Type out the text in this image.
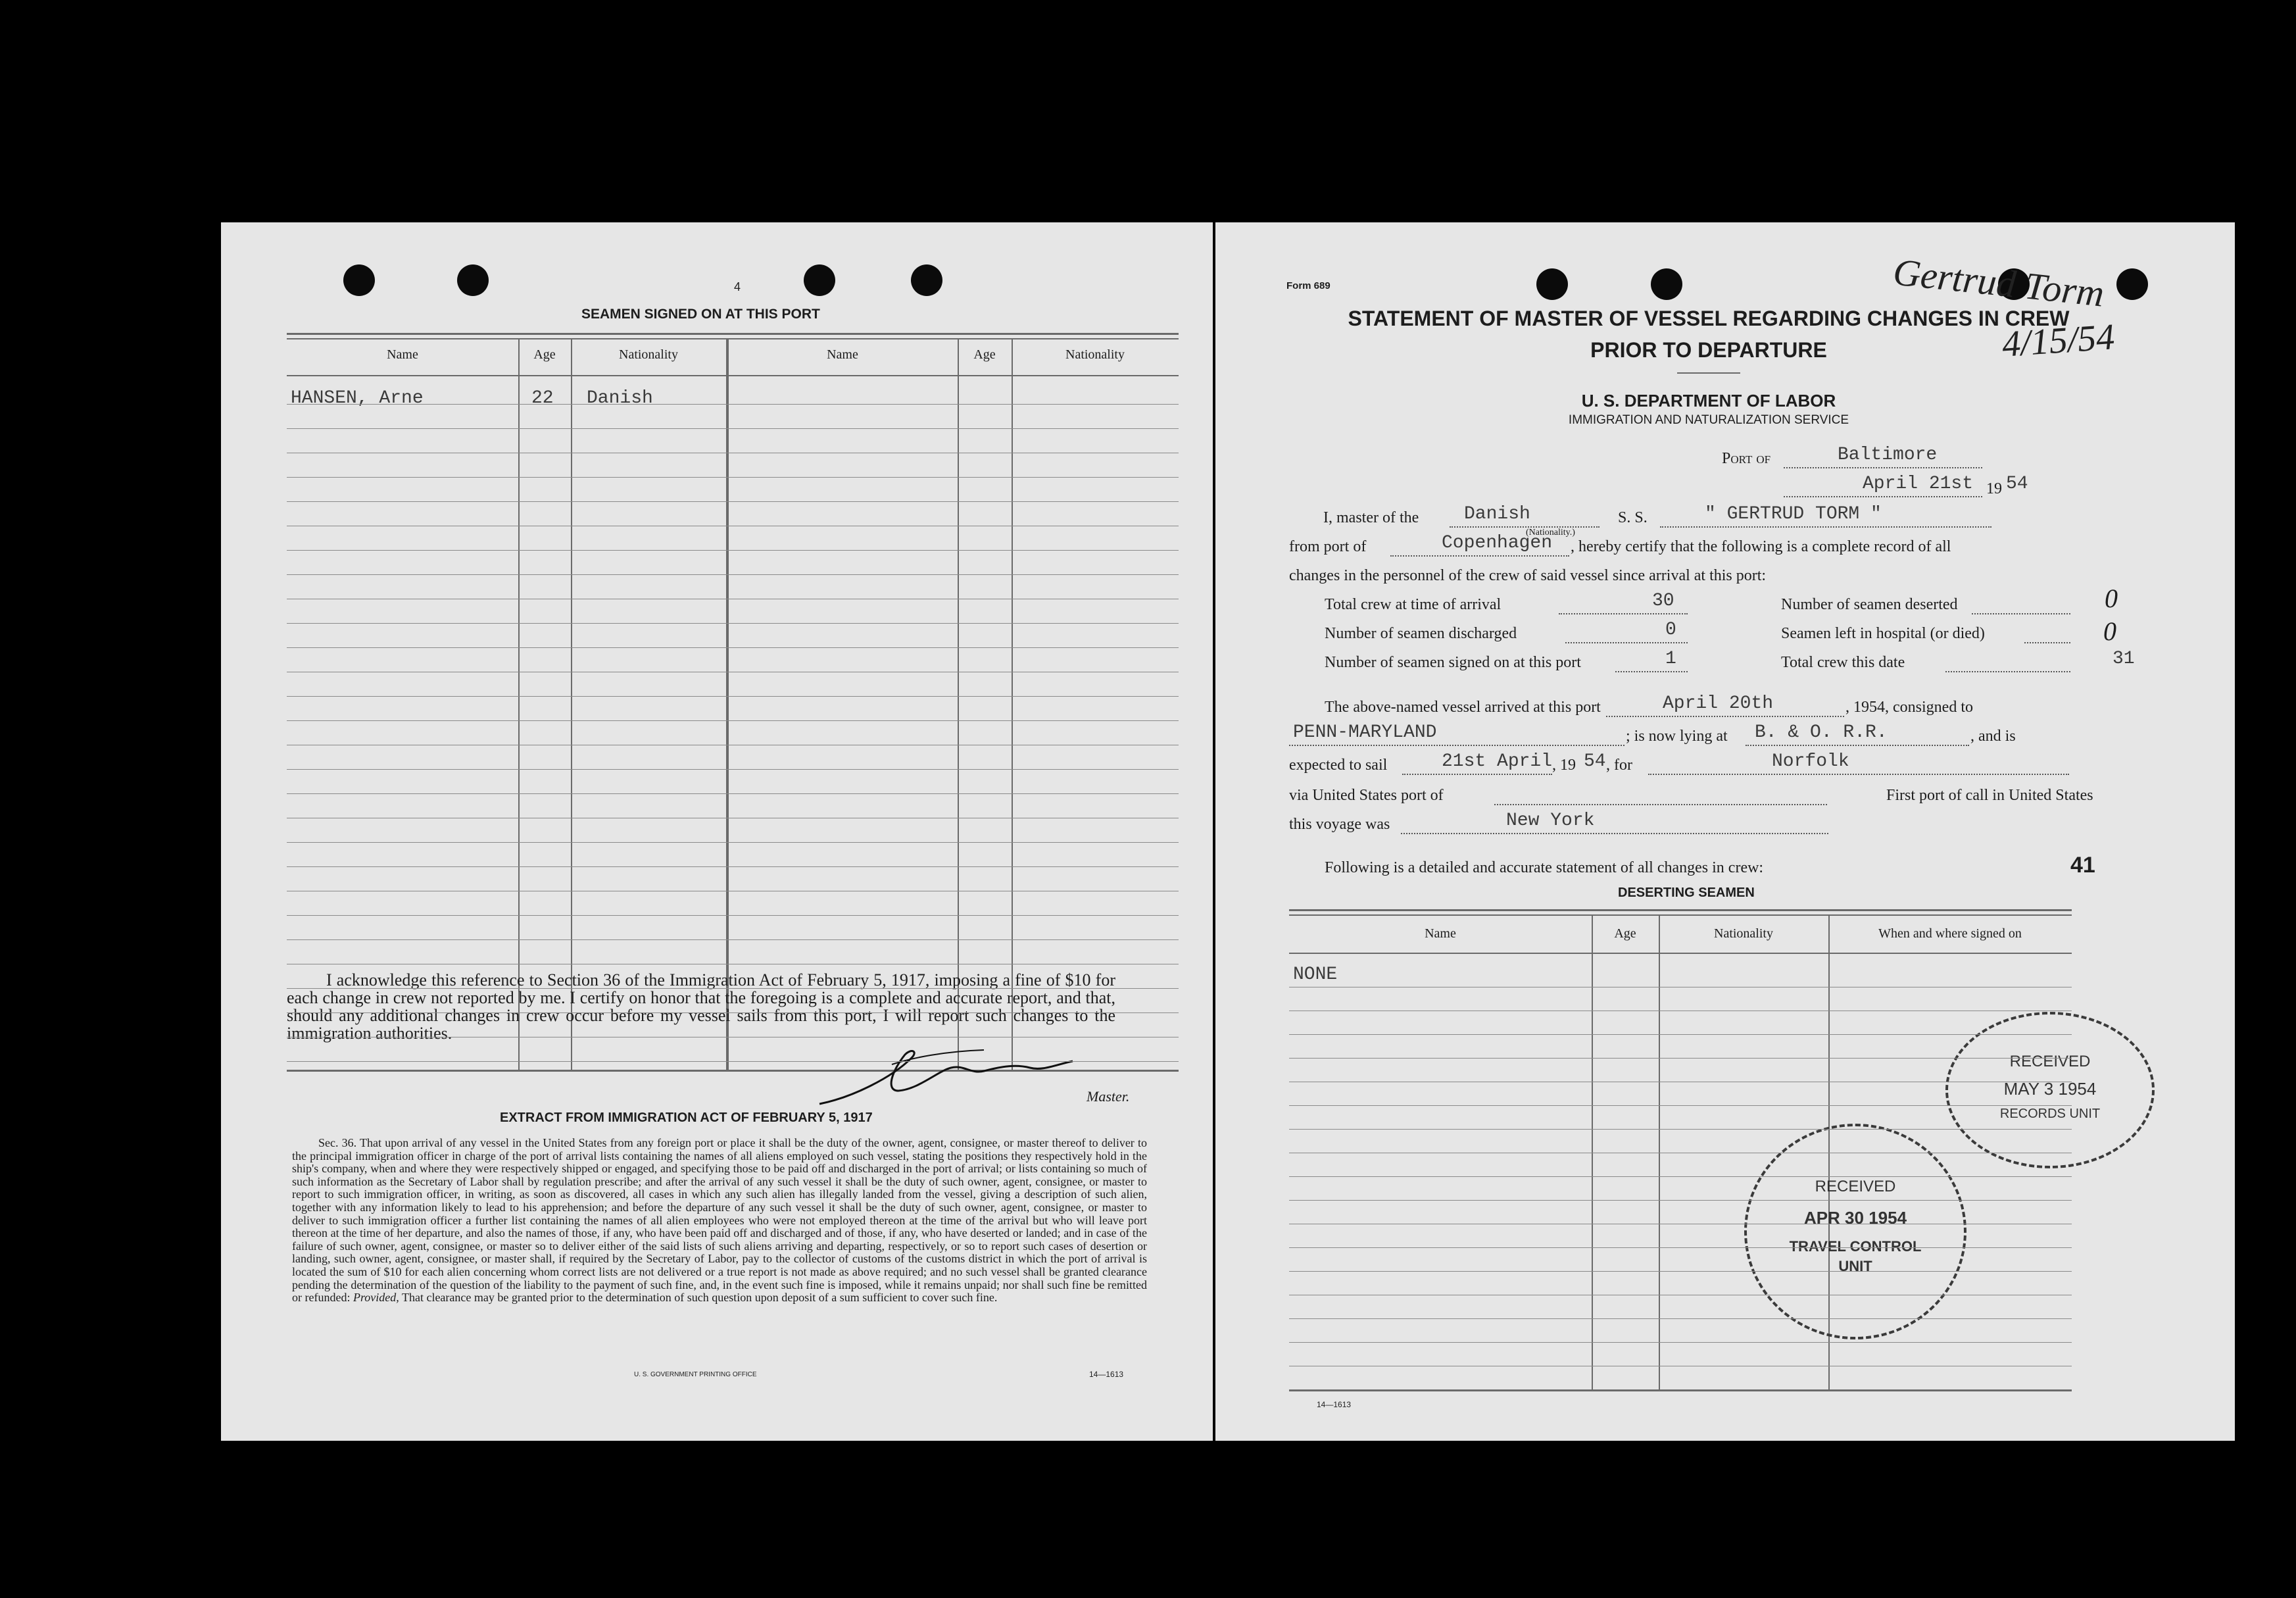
4
SEAMEN SIGNED ON AT THIS PORT
Name	Age	Nationality	Name	Age	Nationality
HANSEN, Arne	22 Danish
I acknowledge this reference to Section 36 of the Immigration Act of February 5, 1917, imposing a fine of $10 for each change in crew not reported by me. I certify on honor that the foregoing is a complete and accurate report, and that, should any additional changes in crew occur before my vessel sails from this port, I will report such changes to the immigration authorities.
Master.
EXTRACT FROM IMMIGRATION ACT OF FEBRUARY 5, 1917
Sec. 36. That upon arrival of any vessel in the United States from any foreign port or place it shall be the duty of the owner, agent, consignee, or master thereof to deliver to the principal immigration officer in charge of the port of arrival lists containing the names of all aliens employed on such vessel, stating the positions they respectively hold in the ship's company, when and where they were respectively shipped or engaged, and specifying those to be paid off and discharged in the port of arrival; or lists containing so much of such information as the Secretary of Labor shall by regulation prescribe; and after the arrival of any such vessel it shall be the duty of such owner, agent, consignee, or master to report to such immigration officer, in writing, as soon as discovered, all cases in which any such alien has illegally landed from the vessel, giving a description of such alien, together with any information likely to lead to his apprehension; and before the departure of any such vessel it shall be the duty of such owner, agent, consignee, or master to deliver to such immigration officer a further list containing the names of all alien employees who were not employed thereon at the time of the arrival but who will leave port thereon at the time of her departure, and also the names of those, if any, who have been paid off and discharged and of those, if any, who have deserted or landed; and in case of the failure of such owner, agent, consignee, or master so to deliver either of the said lists of such aliens arriving and departing, respectively, or so to report such cases of desertion or landing, such owner, agent, consignee, or master shall, if required by the Secretary of Labor, pay to the collector of customs of the customs district in which the port of arrival is located the sum of $10 for each alien concerning whom correct lists are not delivered or a true report is not made as above required; and no such vessel shall be granted clearance pending the determination of the question of the liability to the payment of such fine, and, in the event such fine is imposed, while it remains unpaid; nor shall such fine be remitted or refunded: Provided, That clearance may be granted prior to the determination of such question upon deposit of a sum sufficient to cover such fine.
U. S. GOVERNMENT PRINTING OFFICE	14—1613
Form 689	Gertrud Torm
4/15/54
STATEMENT OF MASTER OF VESSEL REGARDING CHANGES IN CREW
PRIOR TO DEPARTURE
U. S. DEPARTMENT OF LABOR
IMMIGRATION AND NATURALIZATION SERVICE
Port of	Baltimore
April 21st 19 54
I, master of the Danish
(Nationality.)
S. S.	" GERTRUD TORM "
from port of	Copenhagen , hereby certify that the following is a complete record of all
changes in the personnel of the crew of said vessel since arrival at this port:
Total crew at time of arrival	30
Number of seamen discharged	0
Number of seamen signed on at this port	1
Number of seamen deserted	0
Seamen left in hospital (or died)	0
Total crew this date	31
The above-named vessel arrived at this port	April 20th	, 1954, consigned to
PENN-MARYLAND	; is now lying at B. & O. R.R.	, and is
expected to sail	21st April , 19 54 , for	Norfolk
via United States port of	First port of call in United States
this voyage was	New York
Following is a detailed and accurate statement of all changes in crew:	41
DESERTING SEAMEN
Name	Age	Nationality	When and where signed on
NONE
14—1613
RECEIVED
MAY 3 1954
RECORDS UNIT
RECEIVED
APR 30 1954
TRAVEL CONTROL
UNIT
